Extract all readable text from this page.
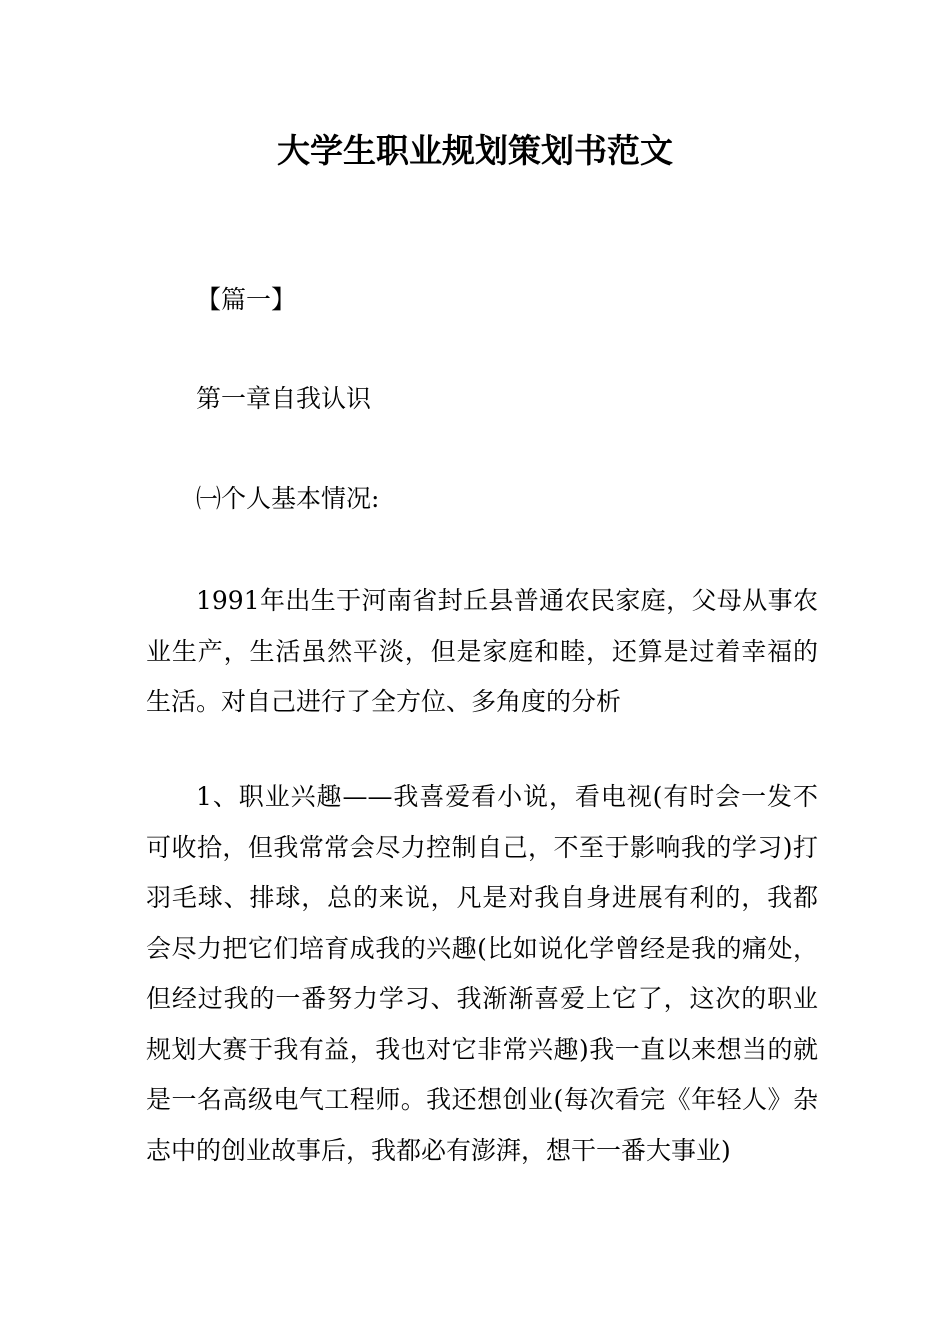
大学生职业规划策划书范文

【篇一】

第一章自我认识

㈠个人基本情况:

1991年出生于河南省封丘县普通农民家庭，父母从事农业生产，生活虽然平淡，但是家庭和睦，还算是过着幸福的生活。对自己进行了全方位、多角度的分析

1、职业兴趣——我喜爱看小说，看电视(有时会一发不可收拾，但我常常会尽力控制自己，不至于影响我的学习)打羽毛球、排球，总的来说，凡是对我自身进展有利的，我都会尽力把它们培育成我的兴趣(比如说化学曾经是我的痛处，但经过我的一番努力学习、我渐渐喜爱上它了，这次的职业规划大赛于我有益，我也对它非常兴趣)我一直以来想当的就是一名高级电气工程师。我还想创业(每次看完《年轻人》杂志中的创业故事后，我都必有澎湃，想干一番大事业)
